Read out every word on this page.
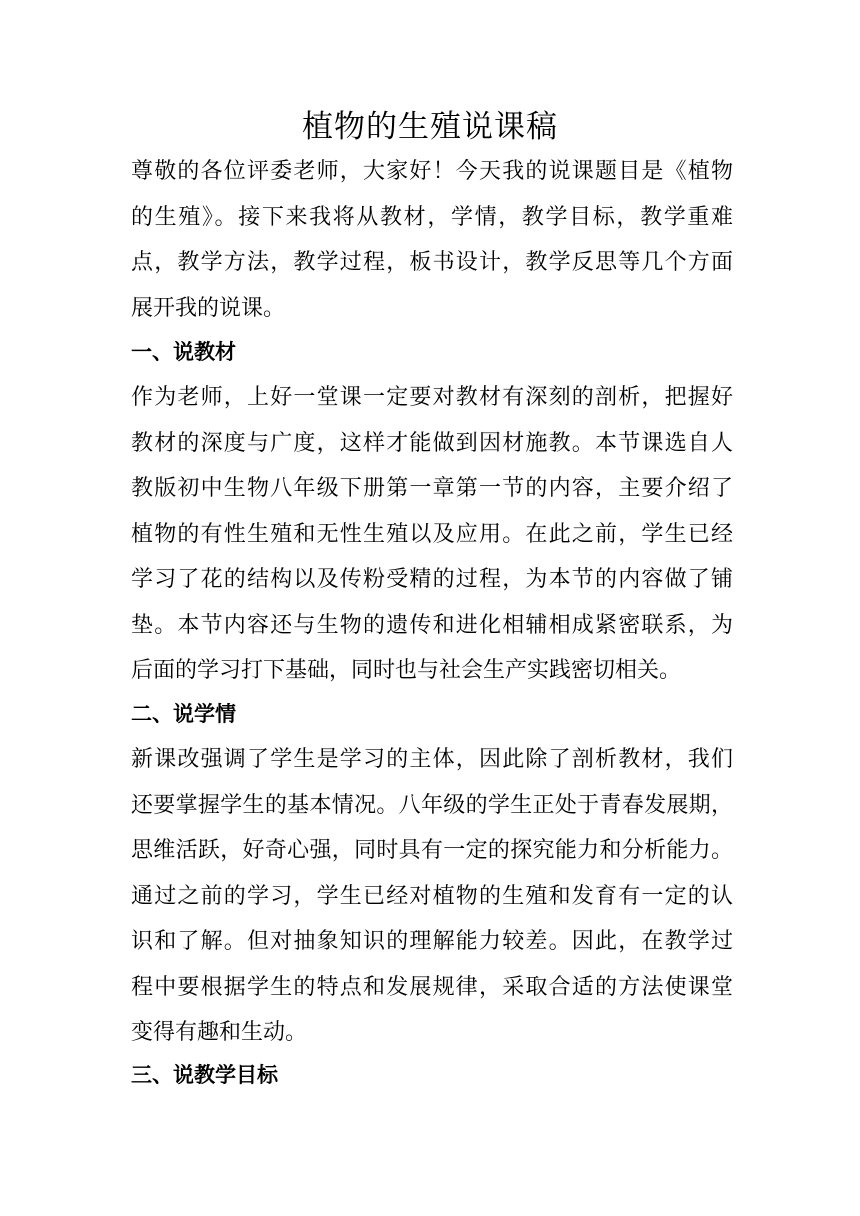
植物的生殖说课稿
尊敬的各位评委老师，大家好！今天我的说课题目是《植物
的生殖》。接下来我将从教材，学情，教学目标，教学重难
点，教学方法，教学过程，板书设计，教学反思等几个方面
展开我的说课。
一、说教材
作为老师，上好一堂课一定要对教材有深刻的剖析，把握好
教材的深度与广度，这样才能做到因材施教。本节课选自人
教版初中生物八年级下册第一章第一节的内容，主要介绍了
植物的有性生殖和无性生殖以及应用。在此之前，学生已经
学习了花的结构以及传粉受精的过程，为本节的内容做了铺
垫。本节内容还与生物的遗传和进化相辅相成紧密联系，为
后面的学习打下基础，同时也与社会生产实践密切相关。
二、说学情
新课改强调了学生是学习的主体，因此除了剖析教材，我们
还要掌握学生的基本情况。八年级的学生正处于青春发展期，
思维活跃，好奇心强，同时具有一定的探究能力和分析能力。
通过之前的学习，学生已经对植物的生殖和发育有一定的认
识和了解。但对抽象知识的理解能力较差。因此，在教学过
程中要根据学生的特点和发展规律，采取合适的方法使课堂
变得有趣和生动。
三、说教学目标
